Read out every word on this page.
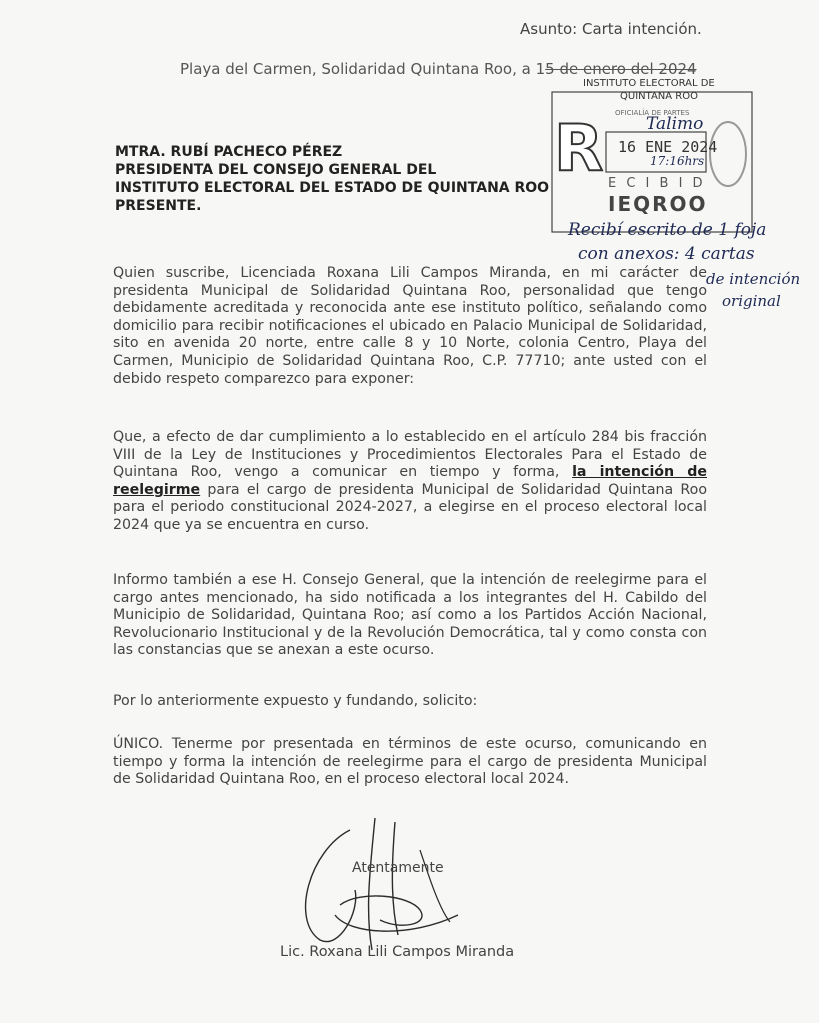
Asunto: Carta intención.
Playa del Carmen, Solidaridad Quintana Roo, a 15 de enero del 2024
INSTITUTO ELECTORAL DE
QUINTANA ROO
OFICIALÍA DE PARTES
R 16 ENE 2024
E C I B I D
IEQROO
Talimo
17:16hrs
Recibí escrito de 1 foja
con anexos: 4 cartas
de intención
original
MTRA. RUBÍ PACHECO PÉREZ
PRESIDENTA DEL CONSEJO GENERAL DEL
INSTITUTO ELECTORAL DEL ESTADO DE QUINTANA ROO
PRESENTE.
Quien suscribe, Licenciada Roxana Lili Campos Miranda, en mi carácter de presidenta Municipal de Solidaridad Quintana Roo, personalidad que tengo debidamente acreditada y reconocida ante ese instituto político, señalando como domicilio para recibir notificaciones el ubicado en Palacio Municipal de Solidaridad, sito en avenida 20 norte, entre calle 8 y 10 Norte, colonia Centro, Playa del Carmen, Municipio de Solidaridad Quintana Roo, C.P. 77710; ante usted con el debido respeto comparezco para exponer:
Que, a efecto de dar cumplimiento a lo establecido en el artículo 284 bis fracción VIII de la Ley de Instituciones y Procedimientos Electorales Para el Estado de Quintana Roo, vengo a comunicar en tiempo y forma, la intención de reelegirme para el cargo de presidenta Municipal de Solidaridad Quintana Roo para el periodo constitucional 2024-2027, a elegirse en el proceso electoral local 2024 que ya se encuentra en curso.
Informo también a ese H. Consejo General, que la intención de reelegirme para el cargo antes mencionado, ha sido notificada a los integrantes del H. Cabildo del Municipio de Solidaridad, Quintana Roo; así como a los Partidos Acción Nacional, Revolucionario Institucional y de la Revolución Democrática, tal y como consta con las constancias que se anexan a este ocurso.
Por lo anteriormente expuesto y fundando, solicito:
ÚNICO. Tenerme por presentada en términos de este ocurso, comunicando en tiempo y forma la intención de reelegirme para el cargo de presidenta Municipal de Solidaridad Quintana Roo, en el proceso electoral local 2024.
Atentamente
Lic. Roxana Lili Campos Miranda
